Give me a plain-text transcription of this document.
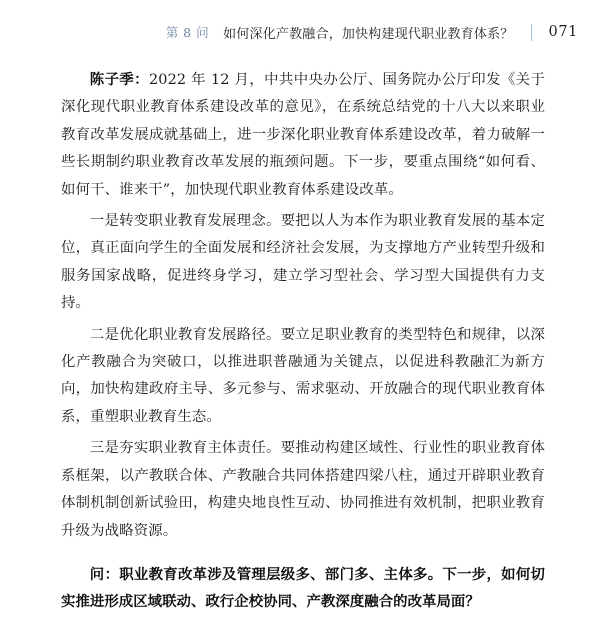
第 8 问 如何深化产教融合，加快构建现代职业教育体系？ 071

陈子季：2022 年 12 月，中共中央办公厅、国务院办公厅印发《关于深化现代职业教育体系建设改革的意见》，在系统总结党的十八大以来职业教育改革发展成就基础上，进一步深化职业教育体系建设改革，着力破解一些长期制约职业教育改革发展的瓶颈问题。下一步，要重点围绕“如何看、如何干、谁来干”，加快现代职业教育体系建设改革。

一是转变职业教育发展理念。要把以人为本作为职业教育发展的基本定位，真正面向学生的全面发展和经济社会发展，为支撑地方产业转型升级和服务国家战略，促进终身学习，建立学习型社会、学习型大国提供有力支持。

二是优化职业教育发展路径。要立足职业教育的类型特色和规律，以深化产教融合为突破口，以推进职普融通为关键点，以促进科教融汇为新方向，加快构建政府主导、多元参与、需求驱动、开放融合的现代职业教育体系，重塑职业教育生态。

三是夯实职业教育主体责任。要推动构建区域性、行业性的职业教育体系框架，以产教联合体、产教融合共同体搭建四梁八柱，通过开辟职业教育体制机制创新试验田，构建央地良性互动、协同推进有效机制，把职业教育升级为战略资源。

问：职业教育改革涉及管理层级多、部门多、主体多。下一步，如何切实推进形成区域联动、政行企校协同、产教深度融合的改革局面？
